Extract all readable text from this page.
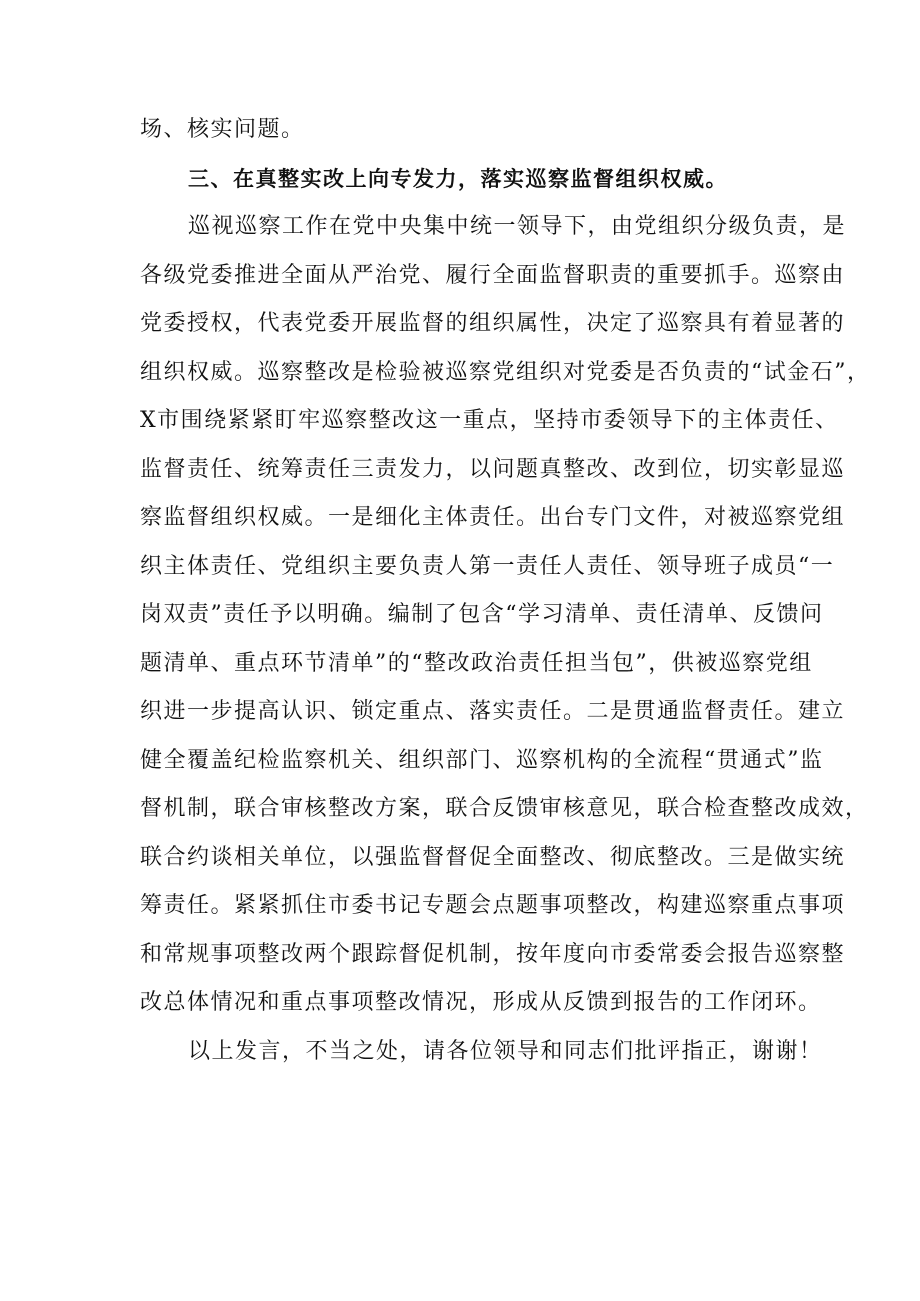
场、核实问题。
三、在真整实改上向专发力，落实巡察监督组织权威。
巡视巡察工作在党中央集中统一领导下，由党组织分级负责，是
各级党委推进全面从严治党、履行全面监督职责的重要抓手。巡察由
党委授权，代表党委开展监督的组织属性，决定了巡察具有着显著的
组织权威。巡察整改是检验被巡察党组织对党委是否负责的“试金石”，
X市围绕紧紧盯牢巡察整改这一重点，坚持市委领导下的主体责任、
监督责任、统筹责任三责发力，以问题真整改、改到位，切实彰显巡
察监督组织权威。一是细化主体责任。出台专门文件，对被巡察党组
织主体责任、党组织主要负责人第一责任人责任、领导班子成员“一
岗双责”责任予以明确。编制了包含“学习清单、责任清单、反馈问
题清单、重点环节清单”的“整改政治责任担当包”，供被巡察党组
织进一步提高认识、锁定重点、落实责任。二是贯通监督责任。建立
健全覆盖纪检监察机关、组织部门、巡察机构的全流程“贯通式”监
督机制，联合审核整改方案，联合反馈审核意见，联合检查整改成效，
联合约谈相关单位，以强监督督促全面整改、彻底整改。三是做实统
筹责任。紧紧抓住市委书记专题会点题事项整改，构建巡察重点事项
和常规事项整改两个跟踪督促机制，按年度向市委常委会报告巡察整
改总体情况和重点事项整改情况，形成从反馈到报告的工作闭环。
以上发言，不当之处，请各位领导和同志们批评指正，谢谢！
